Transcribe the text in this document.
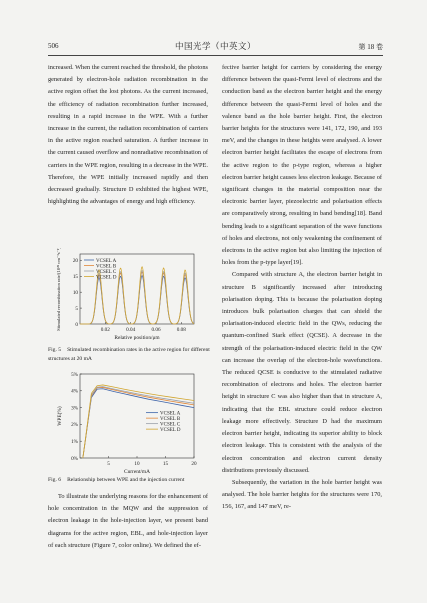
506	中国光学（中英文）	第 18 卷

increased. When the current reached the threshold, the photons generated by electron-hole radiation recombination in the active region offset the lost photons. As the current increased, the efficiency of radiation recombination further increased, resulting in a rapid increase in the WPE. With a further increase in the current, the radiation recombination of carriers in the active region reached saturation. A further increase in the current caused overflow and nonradiative recombination of carriers in the WPE region, resulting in a decrease in the WPE. Therefore, the WPE initially increased rapidly and then decreased gradually. Structure D exhibited the highest WPE, highlighting the advantages of energy and high efficiency.

0.02	0.04	0.06	0.08
0
5
10
15
20
Relative position/μm
Stimulated recombination rate/(10²⁸ cm⁻³s⁻¹)	VCSEL A
VCSEL B
VCSEL C
VCSEL D
Fig. 5 Stimulated recombination rates in the active region for different structures at 20 mA
5	10	15	20
0%
1%
2%
3%
4%
5%
Current/mA
WPE(%)	VCSEL A
VCSEL B
VCSEL C
VCSEL D
Fig. 6 Relationship between WPE and the injection current

To illustrate the underlying reasons for the enhancement of hole concentration in the MQW and the suppression of electron leakage in the hole-injection layer, we present band diagrams for the active region, EBL, and hole-injection layer of each structure (Figure 7, color online). We defined the ef-

fective barrier height for carriers by considering the energy difference between the quasi-Fermi level of electrons and the conduction band as the electron barrier height and the energy difference between the quasi-Fermi level of holes and the valence band as the hole barrier height. First, the electron barrier heights for the structures were 141, 172, 190, and 193 meV, and the changes in these heights were analysed. A lower electron barrier height facilitates the escape of electrons from the active region to the p-type region, whereas a higher electron barrier height causes less electron leakage. Because of significant changes in the material composition near the electronic barrier layer, piezoelectric and polarisation effects are comparatively strong, resulting in band bending[18]. Band bending leads to a significant separation of the wave functions of holes and electrons, not only weakening the confinement of electrons in the active region but also limiting the injection of holes from the p-type layer[19].

Compared with structure A, the electron barrier height in structure B significantly increased after introducing polarisation doping. This is because the polarisation doping introduces bulk polarisation charges that can shield the polarisation-induced electric field in the QWs, reducing the quantum-confined Stark effect (QCSE). A decrease in the strength of the polarisation-induced electric field in the QW can increase the overlap of the electron-hole wavefunctions. The reduced QCSE is conducive to the stimulated radiative recombination of electrons and holes. The electron barrier height in structure C was also higher than that in structure A, indicating that the EBL structure could reduce electron leakage more effectively. Structure D had the maximum electron barrier height, indicating its superior ability to block electron leakage. This is consistent with the analysis of the electron concentration and electron current density distributions previously discussed.

Subsequently, the variation in the hole barrier height was analysed. The hole barrier heights for the structures were 170, 156, 167, and 147 meV, re-
